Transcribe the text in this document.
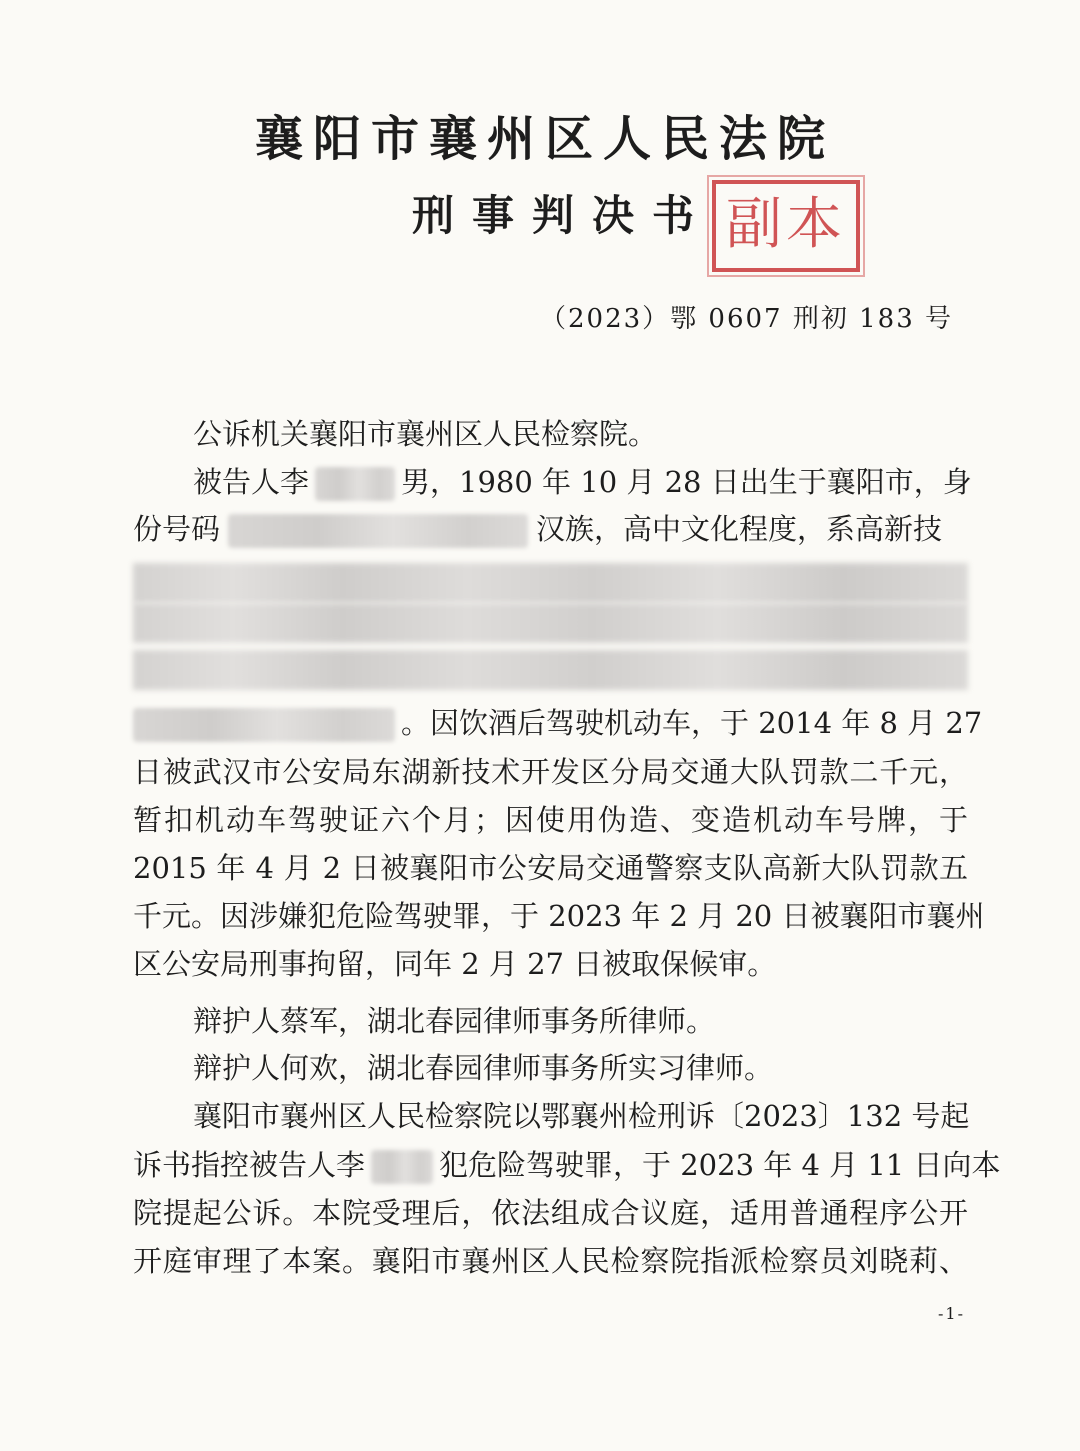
襄阳市襄州区人民法院
刑事判决书 副本
（2023）鄂 0607 刑初 183 号
公诉机关襄阳市襄州区人民检察院。
被告人李	男，1980 年 10 月 28 日出生于襄阳市，身
份号码	汉族，高中文化程度，系高新技
。因饮酒后驾驶机动车，于 2014 年 8 月 27
日被武汉市公安局东湖新技术开发区分局交通大队罚款二千元，
暂扣机动车驾驶证六个月；因使用伪造、变造机动车号牌，于
2015 年 4 月 2 日被襄阳市公安局交通警察支队高新大队罚款五
千元。因涉嫌犯危险驾驶罪，于 2023 年 2 月 20 日被襄阳市襄州
区公安局刑事拘留，同年 2 月 27 日被取保候审。
辩护人蔡军，湖北春园律师事务所律师。
辩护人何欢，湖北春园律师事务所实习律师。
襄阳市襄州区人民检察院以鄂襄州检刑诉〔2023〕132 号起
诉书指控被告人李	犯危险驾驶罪，于 2023 年 4 月 11 日向本
院提起公诉。本院受理后，依法组成合议庭，适用普通程序公开
开庭审理了本案。襄阳市襄州区人民检察院指派检察员刘晓莉、
-1-
